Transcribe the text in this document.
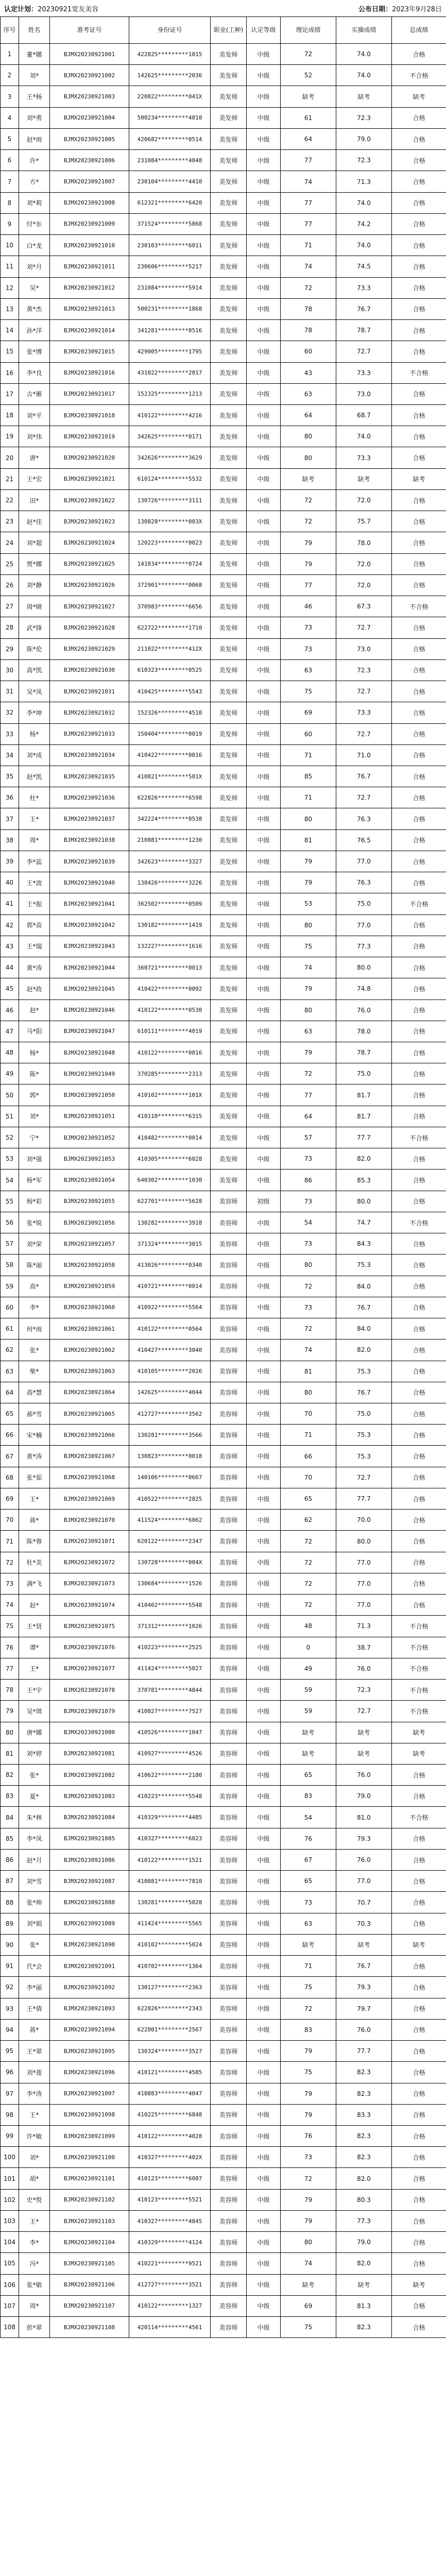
认定计划：20230921宽友美容	公布日期：2023年9月28日
序号	姓名	准考证号	身份证号	职业(工种)	认定等级	理论成绩	实操成绩	总成绩
1	董*娜	BJMX20230921001	422825*********1015	美发师	中级	72	74.0	合格
2	刘*	BJMX20230921002	142625*********2036	美发师	中级	52	74.0	不合格
3	王*杨	BJMX20230921003	220822*********041X	美发师	中级	缺考	缺考	缺考
4	刘*勇	BJMX20230921004	500234*********4010	美发师	中级	61	72.3	合格
5	赵*雨	BJMX20230921005	420682*********0514	美发师	中级	64	79.0	合格
6	许*	BJMX20230921006	231084*********4048	美发师	中级	77	72.3	合格
7	方*	BJMX20230921007	230104*********4410	美发师	中级	74	71.3	合格
8	刘*莉	BJMX20230921008	612321*********6420	美发师	中级	77	74.0	合格
9	付*东	BJMX20230921009	371524*********5868	美发师	中级	77	74.2	合格
10	白*龙	BJMX20230921010	230103*********6011	美发师	中级	71	74.0	合格
11	刘*月	BJMX20230921011	230606*********5217	美发师	中级	74	74.5	合格
12	吴*	BJMX20230921012	231084*********5914	美发师	中级	72	73.3	合格
13	黄*杰	BJMX20230921013	500231*********1868	美发师	中级	78	76.7	合格
14	孙*洋	BJMX20230921014	341281*********0516	美发师	中级	78	78.7	合格
15	张*博	BJMX20230921015	429005*********1795	美发师	中级	60	72.7	合格
16	李*良	BJMX20230921016	431022*********2017	美发师	中级	43	73.3	不合格
17	古*雁	BJMX20230921017	152325*********1213	美发师	中级	63	73.0	合格
18	刘*平	BJMX20230921018	410122*********4216	美发师	中级	64	68.7	合格
19	刘*伟	BJMX20230921019	342625*********0171	美发师	中级	80	74.0	合格
20	唐*	BJMX20230921020	342626*********3629	美发师	中级	80	73.3	合格
21	王*宏	BJMX20230921021	610124*********5532	美发师	中级	缺考	缺考	缺考
22	田*	BJMX20230921022	130726*********3111	美发师	中级	72	72.0	合格
23	赵*佳	BJMX20230921023	130828*********003X	美发师	中级	72	75.7	合格
24	刘*超	BJMX20230921024	120223*********0023	美发师	中级	79	78.0	合格
25	贾*娜	BJMX20230921025	141034*********0724	美发师	中级	79	72.0	合格
26	刘*静	BJMX20230921026	372901*********0068	美发师	中级	77	72.0	合格
27	周*晴	BJMX20230921027	370983*********6656	美发师	中级	46	67.3	不合格
28	武*锋	BJMX20230921028	622722*********1710	美发师	中级	73	72.7	合格
29	陈*伦	BJMX20230921029	211022*********412X	美发师	中级	73	73.0	合格
30	高*凯	BJMX20230921030	610323*********0525	美发师	中级	63	72.3	合格
31	吴*凤	BJMX20230921031	410425*********5543	美发师	中级	75	72.7	合格
32	李*坤	BJMX20230921032	152326*********4510	美发师	中级	69	73.3	合格
33	杨*	BJMX20230921033	150404*********0019	美发师	中级	60	72.7	合格
34	刘*成	BJMX20230921034	410422*********0016	美发师	中级	71	71.0	合格
35	赵*凯	BJMX20230921035	410821*********501X	美发师	中级	85	76.7	合格
36	杜*	BJMX20230921036	622826*********6598	美发师	中级	71	72.7	合格
37	王*	BJMX20230921037	342224*********0538	美发师	中级	80	76.3	合格
38	周*	BJMX20230921038	210881*********1230	美发师	中级	81	76.5	合格
39	李*蕊	BJMX20230921039	342623*********3327	美发师	中级	79	77.0	合格
40	王*波	BJMX20230921040	130426*********3226	美发师	中级	79	76.3	合格
41	王*振	BJMX20230921041	362502*********0509	美发师	中级	53	75.0	不合格
42	郭*苗	BJMX20230921042	130182*********1419	美发师	中级	80	77.0	合格
43	王*瑞	BJMX20230921043	132227*********1616	美发师	中级	75	77.3	合格
44	黄*涛	BJMX20230921044	360721*********0013	美发师	中级	74	80.0	合格
45	赵*政	BJMX20230921045	410422*********0092	美发师	中级	79	74.8	合格
46	赵*	BJMX20230921046	410122*********0530	美发师	中级	80	76.0	合格
47	马*阳	BJMX20230921047	610111*********4019	美发师	中级	63	78.0	合格
48	杨*	BJMX20230921048	410122*********0016	美发师	中级	79	78.7	合格
49	陈*	BJMX20230921049	370285*********2313	美发师	中级	72	75.0	合格
50	郭*	BJMX20230921050	410102*********101X	美发师	中级	77	81.7	合格
51	刘*	BJMX20230921051	410110*********6315	美发师	中级	64	81.7	合格
52	宁*	BJMX20230921052	410482*********0014	美发师	中级	57	77.7	不合格
53	刘*强	BJMX20230921053	410305*********6028	美发师	中级	73	82.0	合格
54	杨*军	BJMX20230921054	640302*********1030	美发师	中级	86	85.3	合格
55	杨*彩	BJMX20230921055	622701*********5628	美容师	初级	73	80.0	合格
56	张*锐	BJMX20230921056	130282*********3918	美容师	中级	54	74.7	不合格
57	刘*荣	BJMX20230921057	371324*********3015	美容师	中级	73	84.3	合格
58	陈*丽	BJMX20230921058	413026*********0340	美容师	中级	80	75.3	合格
59	高*	BJMX20230921059	410721*********0014	美容师	中级	72	84.0	合格
60	李*	BJMX20230921060	410922*********5564	美容师	中级	73	76.7	合格
61	何*雨	BJMX20230921061	410122*********0564	美容师	中级	72	84.0	合格
62	张*	BJMX20230921062	410427*********3040	美容师	中级	74	82.0	合格
63	柴*	BJMX20230921063	410105*********2026	美容师	中级	81	75.3	合格
64	高*慧	BJMX20230921064	142625*********4044	美容师	中级	80	76.7	合格
65	郝*雪	BJMX20230921065	412727*********3562	美容师	中级	70	75.0	合格
66	宋*楠	BJMX20230921066	130281*********3566	美容师	中级	71	75.3	合格
67	黄*涛	BJMX20230921067	130823*********0018	美容师	中级	66	75.3	合格
68	张*茹	BJMX20230921068	140106*********0667	美容师	中级	70	72.7	合格
69	王*	BJMX20230921069	410522*********2825	美容师	中级	65	77.7	合格
70	蒋*	BJMX20230921070	411524*********6062	美容师	中级	62	70.0	合格
71	陈*蓉	BJMX20230921071	620122*********2347	美容师	中级	72	80.0	合格
72	杜*美	BJMX20230921072	130728*********004X	美容师	中级	72	77.0	合格
73	满*飞	BJMX20230921073	130684*********1526	美容师	中级	72	77.0	合格
74	赵*	BJMX20230921074	410402*********5548	美容师	中级	72	77.0	合格
75	王*贤	BJMX20230921075	371312*********1026	美容师	中级	48	71.3	不合格
76	谭*	BJMX20230921076	410223*********2525	美容师	中级	0	38.7	不合格
77	王*	BJMX20230921077	411424*********5027	美容师	中级	49	76.0	不合格
78	王*宇	BJMX20230921078	370781*********4844	美容师	中级	59	72.3	不合格
79	吴*琪	BJMX20230921079	410827*********7527	美容师	中级	59	72.7	不合格
80	唐*娜	BJMX20230921080	410526*********1047	美容师	中级	缺考	缺考	缺考
81	刘*婷	BJMX20230921081	410927*********4526	美容师	中级	缺考	缺考	缺考
82	张*	BJMX20230921082	410622*********2180	美容师	中级	65	76.0	合格
83	夏*	BJMX20230921083	410223*********5548	美容师	中级	83	79.0	合格
84	朱*林	BJMX20230921084	410329*********4485	美容师	中级	54	81.0	不合格
85	李*凤	BJMX20230921085	410327*********6023	美容师	中级	76	79.3	合格
86	赵*月	BJMX20230921086	410122*********1521	美容师	中级	67	76.0	合格
87	刘*雪	BJMX20230921087	410881*********7810	美容师	中级	65	77.0	合格
88	张*帅	BJMX20230921088	130281*********5028	美容师	中级	73	70.7	合格
89	刘*娟	BJMX20230921089	411424*********5565	美容师	中级	63	70.3	合格
90	张*	BJMX20230921090	410102*********5024	美容师	中级	缺考	缺考	缺考
91	代*会	BJMX20230921091	410702*********1364	美容师	中级	71	76.7	合格
92	李*丽	BJMX20230921092	130127*********2363	美容师	中级	75	79.3	合格
93	王*倩	BJMX20230921093	622826*********2343	美容师	中级	72	79.7	合格
94	蒋*	BJMX20230921094	622801*********2567	美容师	中级	83	76.0	合格
95	王*翠	BJMX20230921095	130324*********3527	美容师	中级	79	77.7	合格
96	刘*莲	BJMX20230921096	410121*********4585	美容师	中级	75	82.3	合格
97	李*涛	BJMX20230921097	410883*********4047	美容师	中级	79	82.3	合格
98	王*	BJMX20230921098	410225*********6848	美容师	中级	79	83.3	合格
99	许*敏	BJMX20230921099	410122*********4028	美容师	中级	76	82.3	合格
100	刘*	BJMX20230921100	410327*********402X	美容师	中级	73	82.3	合格
101	胡*	BJMX20230921101	410123*********6087	美容师	中级	72	82.0	合格
102	史*悦	BJMX20230921102	410123*********5521	美容师	中级	79	80.3	合格
103	王*	BJMX20230921103	410327*********4845	美容师	中级	79	77.3	合格
104	李*	BJMX20230921104	410329*********4124	美容师	中级	80	79.0	合格
105	冯*	BJMX20230921105	410221*********9521	美容师	中级	74	82.0	合格
106	张*敏	BJMX20230921106	412727*********3521	美容师	中级	缺考	缺考	缺考
107	周*	BJMX20230921107	410122*********1327	美容师	中级	69	81.3	合格
108	彭*翠	BJMX20230921108	420114*********4561	美容师	中级	75	82.3	合格
